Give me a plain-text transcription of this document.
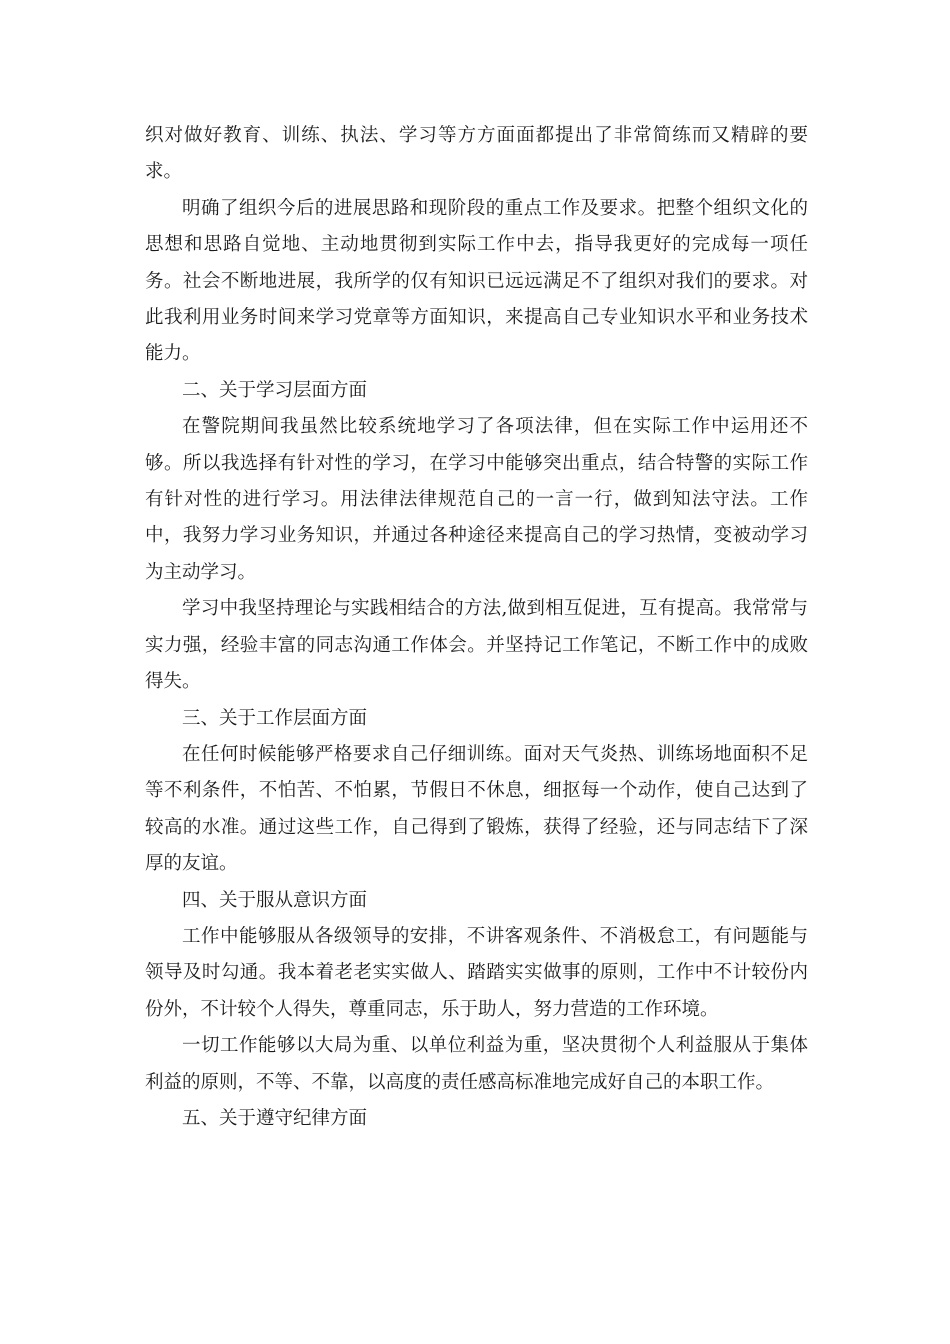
织对做好教育、训练、执法、学习等方方面面都提出了非常简练而又精辟的要求。

明确了组织今后的进展思路和现阶段的重点工作及要求。把整个组织文化的思想和思路自觉地、主动地贯彻到实际工作中去，指导我更好的完成每一项任务。社会不断地进展，我所学的仅有知识已远远满足不了组织对我们的要求。对此我利用业务时间来学习党章等方面知识，来提高自己专业知识水平和业务技术能力。

二、关于学习层面方面

在警院期间我虽然比较系统地学习了各项法律，但在实际工作中运用还不够。所以我选择有针对性的学习，在学习中能够突出重点，结合特警的实际工作有针对性的进行学习。用法律法律规范自己的一言一行，做到知法守法。工作中，我努力学习业务知识，并通过各种途径来提高自己的学习热情，变被动学习为主动学习。

学习中我坚持理论与实践相结合的方法,做到相互促进，互有提高。我常常与实力强，经验丰富的同志沟通工作体会。并坚持记工作笔记，不断工作中的成败得失。

三、关于工作层面方面

在任何时候能够严格要求自己仔细训练。面对天气炎热、训练场地面积不足等不利条件，不怕苦、不怕累，节假日不休息，细抠每一个动作，使自己达到了较高的水准。通过这些工作，自己得到了锻炼，获得了经验，还与同志结下了深厚的友谊。

四、关于服从意识方面

工作中能够服从各级领导的安排，不讲客观条件、不消极怠工，有问题能与领导及时勾通。我本着老老实实做人、踏踏实实做事的原则，工作中不计较份内份外，不计较个人得失，尊重同志，乐于助人，努力营造的工作环境。

一切工作能够以大局为重、以单位利益为重，坚决贯彻个人利益服从于集体利益的原则，不等、不靠，以高度的责任感高标准地完成好自己的本职工作。

五、关于遵守纪律方面
